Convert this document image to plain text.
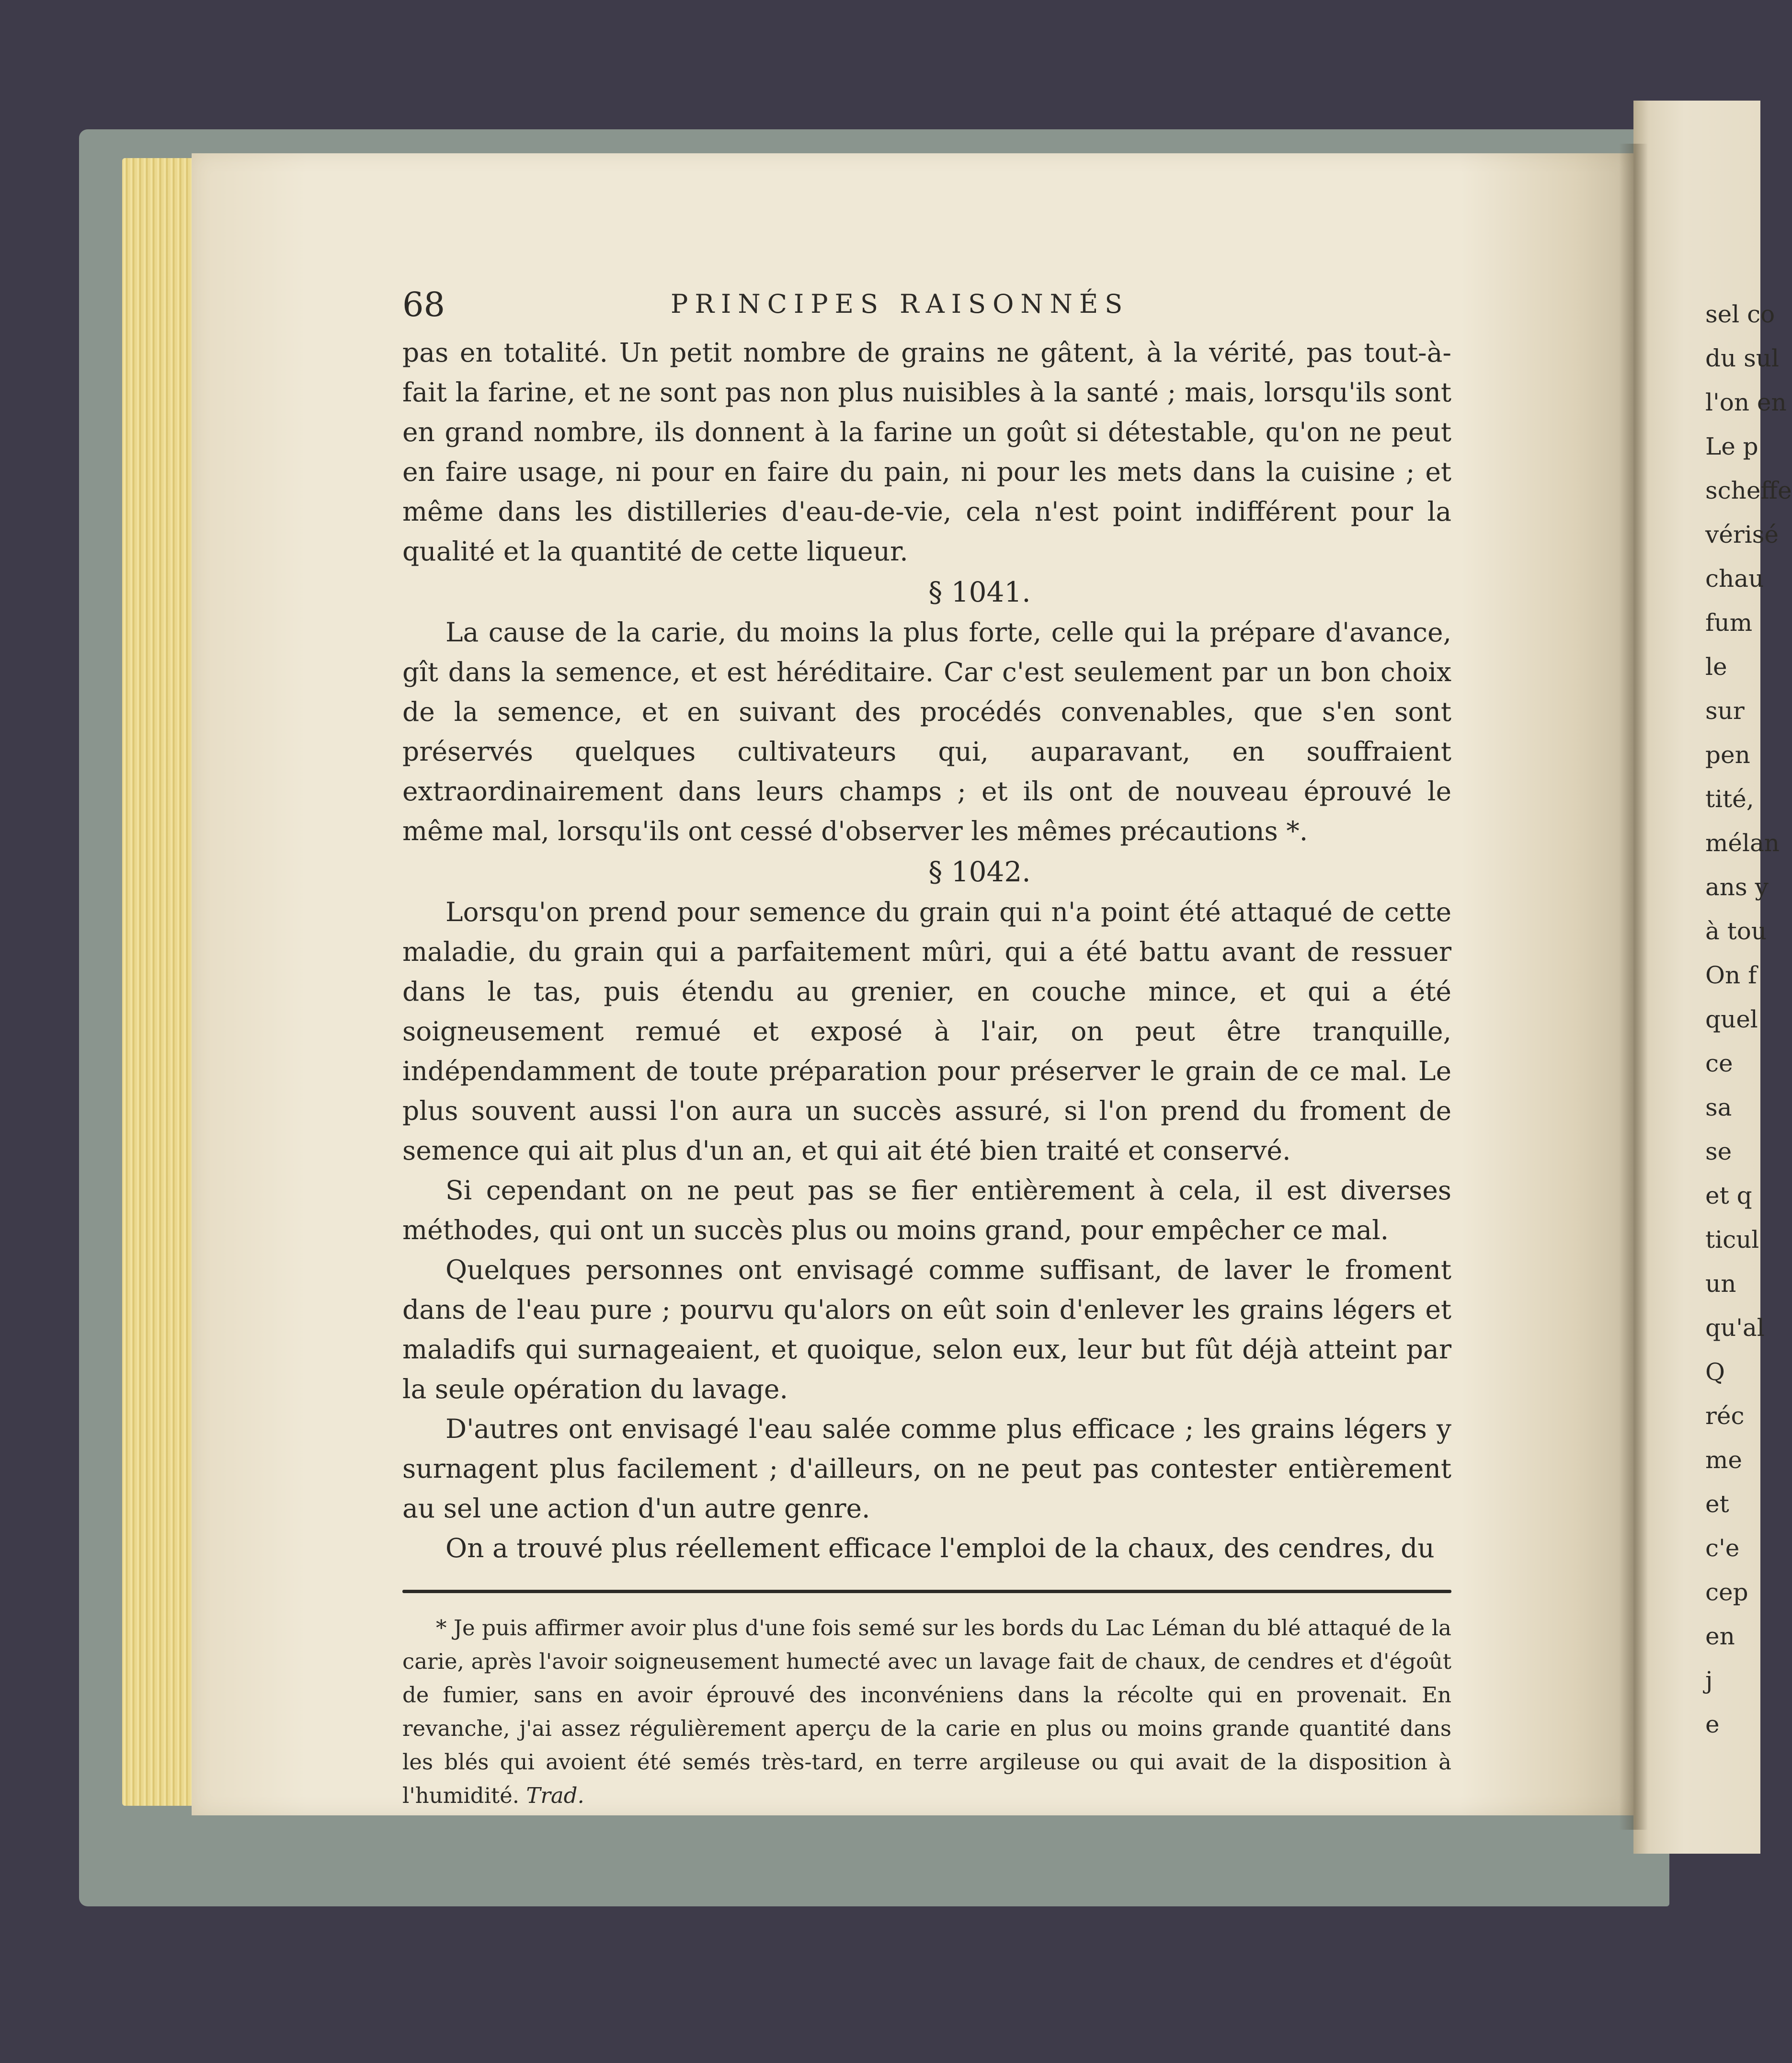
68	PRINCIPES RAISONNÉS

pas en totalité. Un petit nombre de grains ne gâtent, à la vérité, pas tout-à-fait la farine, et ne sont pas non plus nuisibles à la santé ; mais, lorsqu'ils sont en grand nombre, ils donnent à la farine un goût si détestable, qu'on ne peut en faire usage, ni pour en faire du pain, ni pour les mets dans la cuisine ; et même dans les distilleries d'eau-de-vie, cela n'est point indifférent pour la qualité et la quantité de cette liqueur.

§ 1041.

La cause de la carie, du moins la plus forte, celle qui la prépare d'avance, gît dans la semence, et est héréditaire. Car c'est seulement par un bon choix de la semence, et en suivant des procédés convenables, que s'en sont préservés quelques cultivateurs qui, auparavant, en souffraient extraordinairement dans leurs champs ; et ils ont de nouveau éprouvé le même mal, lorsqu'ils ont cessé d'observer les mêmes précautions *.

§ 1042.

Lorsqu'on prend pour semence du grain qui n'a point été attaqué de cette maladie, du grain qui a parfaitement mûri, qui a été battu avant de ressuer dans le tas, puis étendu au grenier, en couche mince, et qui a été soigneusement remué et exposé à l'air, on peut être tranquille, indépendamment de toute préparation pour préserver le grain de ce mal. Le plus souvent aussi l'on aura un succès assuré, si l'on prend du froment de semence qui ait plus d'un an, et qui ait été bien traité et conservé.

Si cependant on ne peut pas se fier entièrement à cela, il est diverses méthodes, qui ont un succès plus ou moins grand, pour empêcher ce mal.

Quelques personnes ont envisagé comme suffisant, de laver le froment dans de l'eau pure ; pourvu qu'alors on eût soin d'enlever les grains légers et maladifs qui surnageaient, et quoique, selon eux, leur but fût déjà atteint par la seule opération du lavage.

D'autres ont envisagé l'eau salée comme plus efficace ; les grains légers y surnagent plus facilement ; d'ailleurs, on ne peut pas contester entièrement au sel une action d'un autre genre.

On a trouvé plus réellement efficace l'emploi de la chaux, des cendres, du

* Je puis affirmer avoir plus d'une fois semé sur les bords du Lac Léman du blé attaqué de la carie, après l'avoir soigneusement humecté avec un lavage fait de chaux, de cendres et d'égoût de fumier, sans en avoir éprouvé des inconvéniens dans la récolte qui en provenait. En revanche, j'ai assez régulièrement aperçu de la carie en plus ou moins grande quantité dans les blés qui avoient été semés très-tard, en terre argileuse ou qui avait de la disposition à l'humidité. Trad.

sel co
du sul
l'on en
Le p
scheffe
vérisé
chau
fum
le
sur
pen
tité,
mélan
ans y
à tou
On f
quel
ce
sa
se
et q
ticul
un
qu'al
Q
réc
me
et
c'e
cep
en
j
e
